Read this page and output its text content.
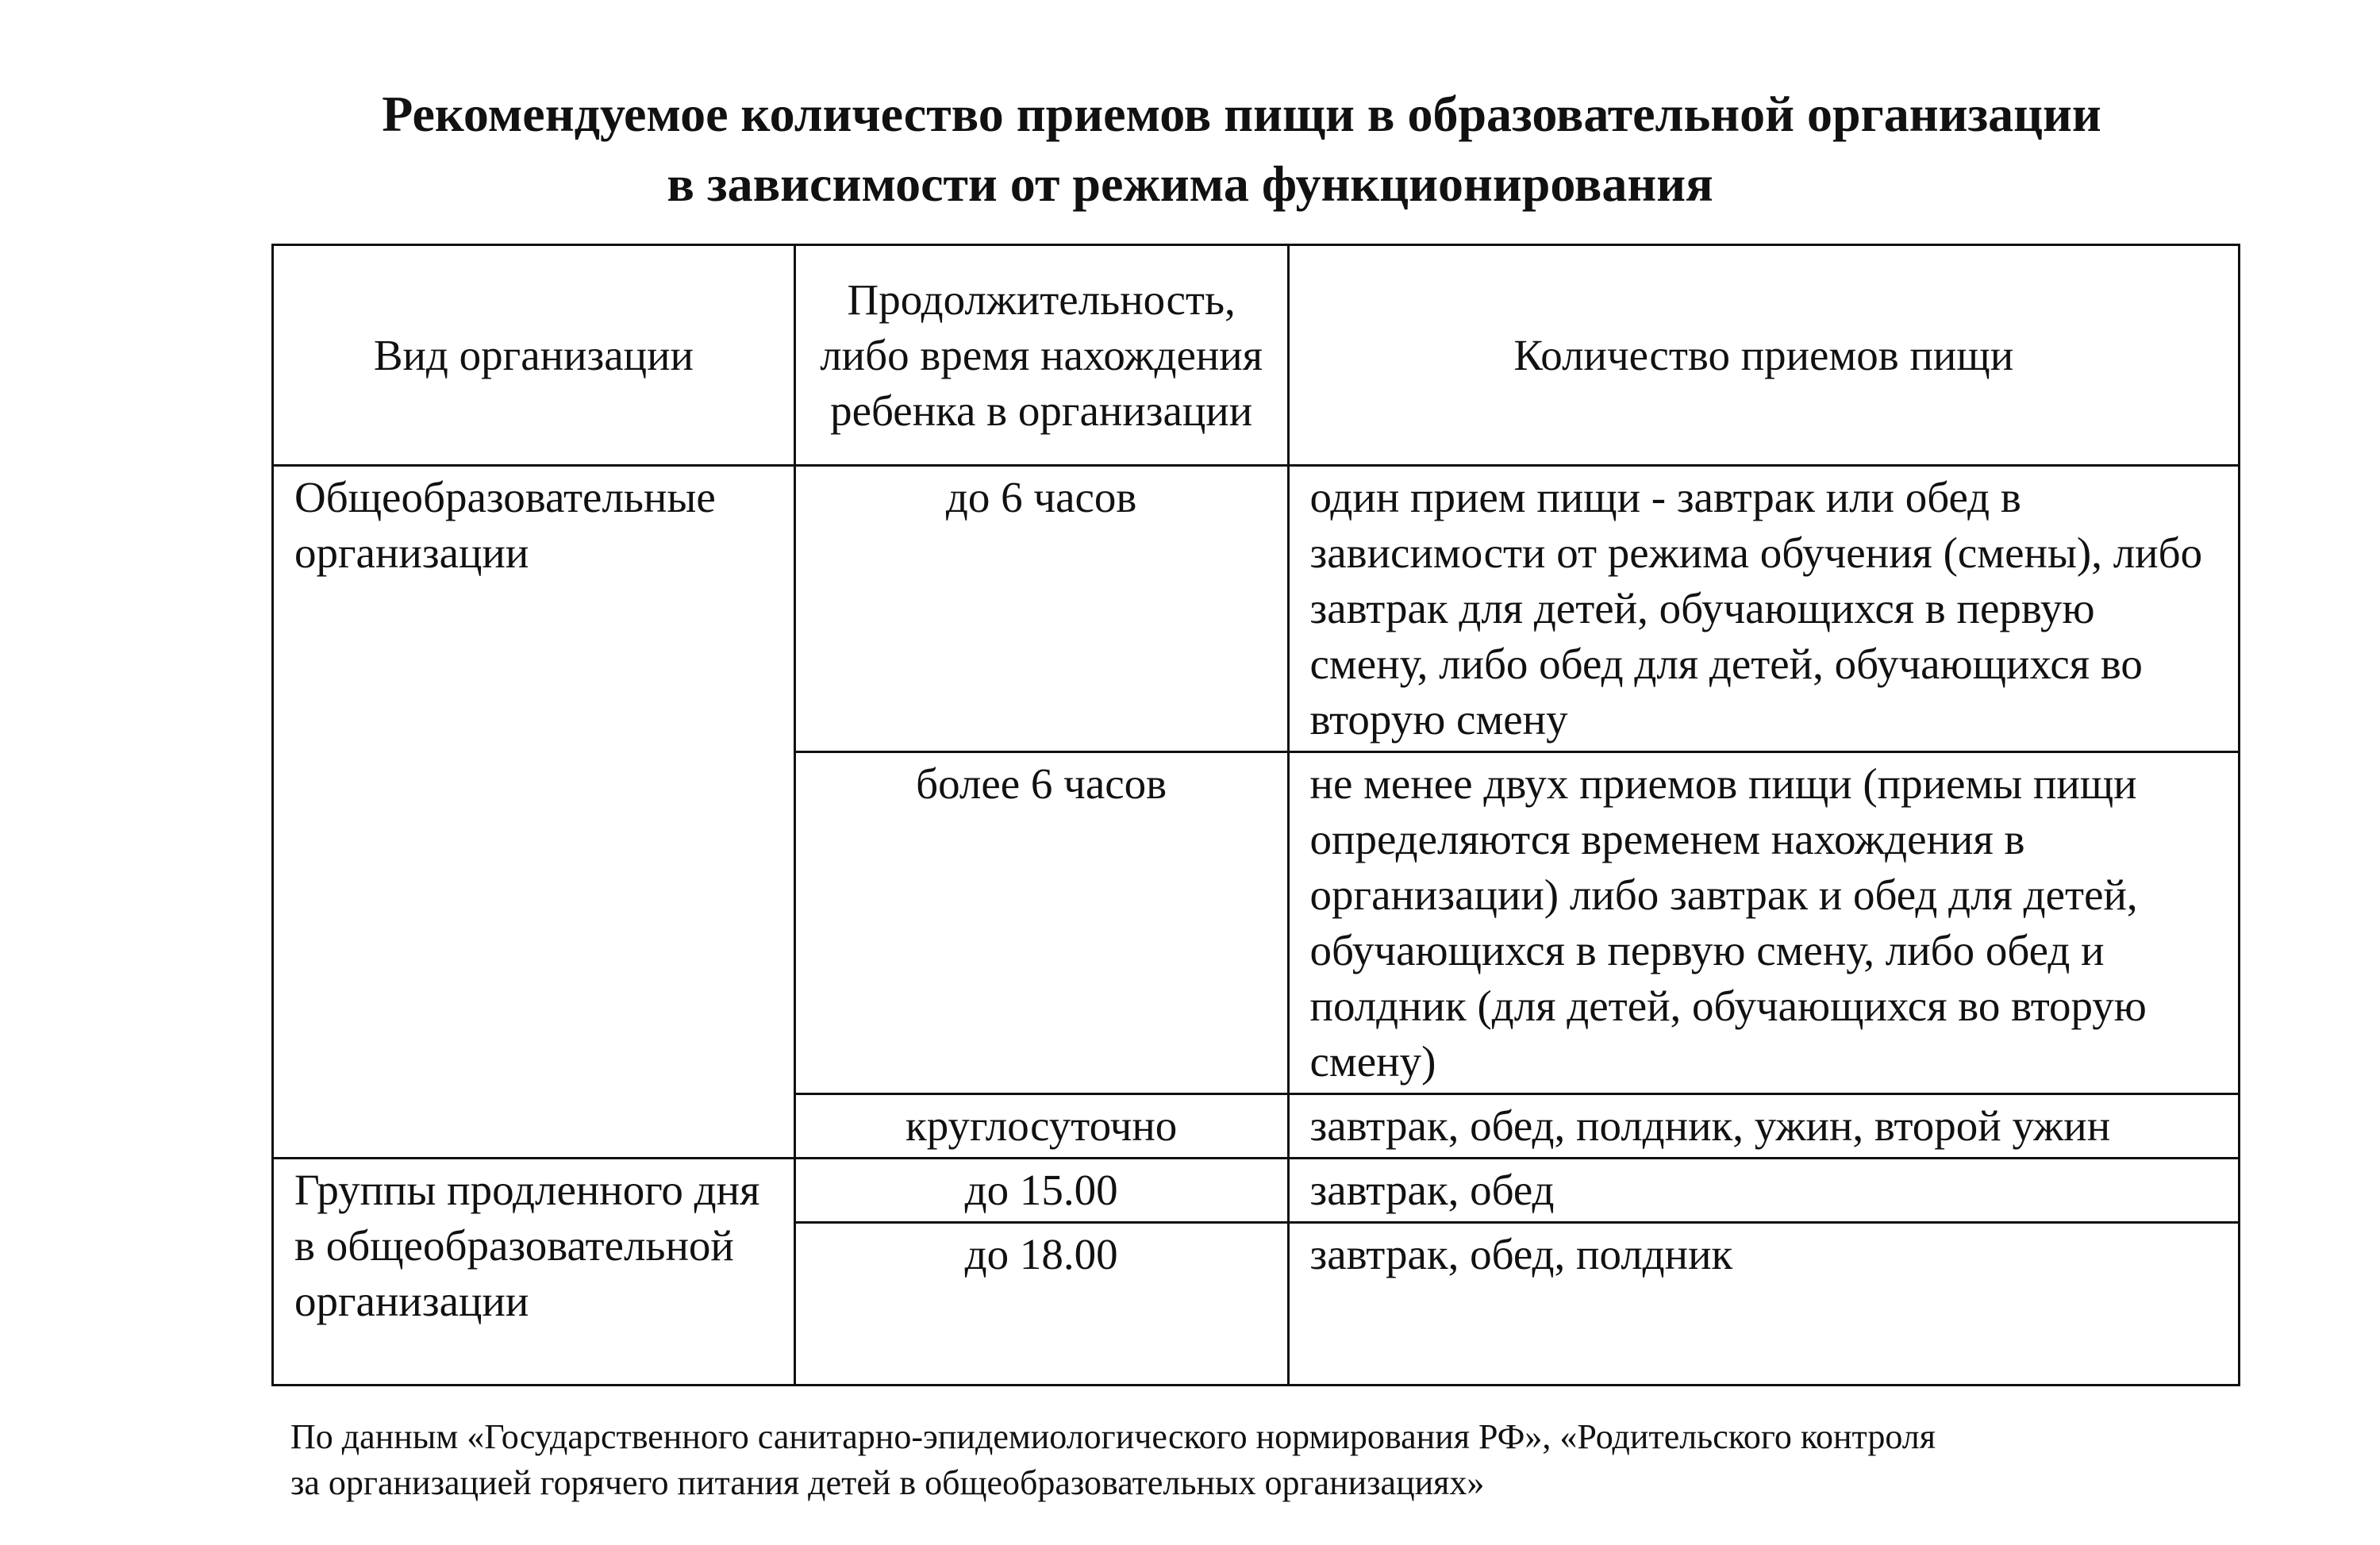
Рекомендуемое количество приемов пищи в образовательной организации
в зависимости от режима функционирования
Вид организации	Продолжительность, либо время нахождения ребенка в организации	Количество приемов пищи
Общеобразовательные организации	до 6 часов	один прием пищи - завтрак или обед в зависимости от режима обучения (смены), либо завтрак для детей, обучающихся в первую смену, либо обед для детей, обучающихся во вторую смену
	более 6 часов	не менее двух приемов пищи (приемы пищи определяются временем нахождения в организации) либо завтрак и обед для детей, обучающихся в первую смену, либо обед и полдник (для детей, обучающихся во вторую смену)
	круглосуточно	завтрак, обед, полдник, ужин, второй ужин
Группы продленного дня в общеобразовательной организации	до 15.00	завтрак, обед
	до 18.00	завтрак, обед, полдник
По данным «Государственного санитарно-эпидемиологического нормирования РФ», «Родительского контроля
за организацией горячего питания детей в общеобразовательных организациях»
